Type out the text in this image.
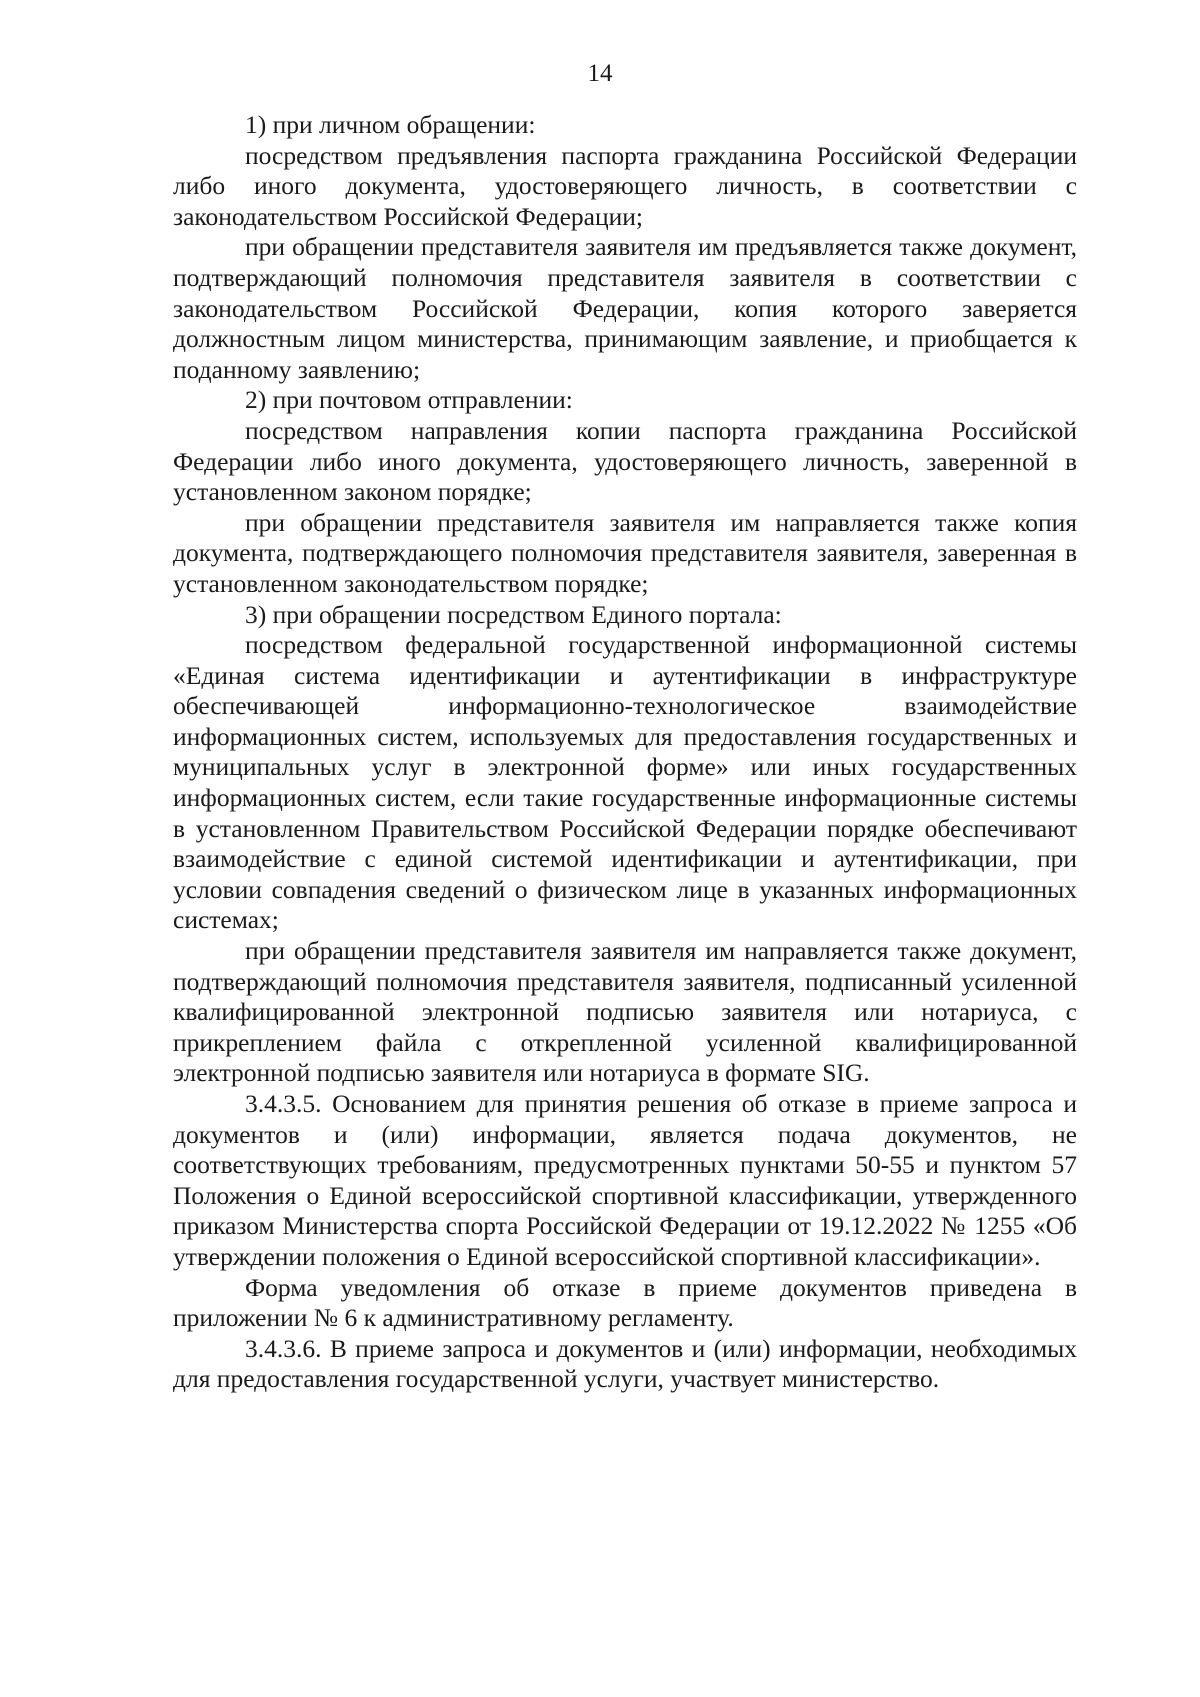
14

1) при личном обращении:

посредством предъявления паспорта гражданина Российской Федерации либо иного документа, удостоверяющего личность, в соответствии с законодательством Российской Федерации;

при обращении представителя заявителя им предъявляется также документ, подтверждающий полномочия представителя заявителя в соответствии с законодательством Российской Федерации, копия которого заверяется должностным лицом министерства, принимающим заявление, и приобщается к поданному заявлению;

2) при почтовом отправлении:

посредством направления копии паспорта гражданина Российской Федерации либо иного документа, удостоверяющего личность, заверенной в установленном законом порядке;

при обращении представителя заявителя им направляется также копия документа, подтверждающего полномочия представителя заявителя, заверенная в установленном законодательством порядке;

3) при обращении посредством Единого портала:

посредством федеральной государственной информационной системы «Единая система идентификации и аутентификации в инфраструктуре обеспечивающей информационно-технологическое взаимодействие информационных систем, используемых для предоставления государственных и муниципальных услуг в электронной форме» или иных государственных информационных систем, если такие государственные информационные системы в установленном Правительством Российской Федерации порядке обеспечивают взаимодействие с единой системой идентификации и аутентификации, при условии совпадения сведений о физическом лице в указанных информационных системах;

при обращении представителя заявителя им направляется также документ, подтверждающий полномочия представителя заявителя, подписанный усиленной квалифицированной электронной подписью заявителя или нотариуса, с прикреплением файла с открепленной усиленной квалифицированной электронной подписью заявителя или нотариуса в формате SIG.

3.4.3.5. Основанием для принятия решения об отказе в приеме запроса и документов и (или) информации, является подача документов, не соответствующих требованиям, предусмотренных пунктами 50-55 и пунктом 57 Положения о Единой всероссийской спортивной классификации, утвержденного приказом Министерства спорта Российской Федерации от 19.12.2022 № 1255 «Об утверждении положения о Единой всероссийской спортивной классификации».

Форма уведомления об отказе в приеме документов приведена в приложении № 6 к административному регламенту.

3.4.3.6. В приеме запроса и документов и (или) информации, необходимых для предоставления государственной услуги, участвует министерство.
